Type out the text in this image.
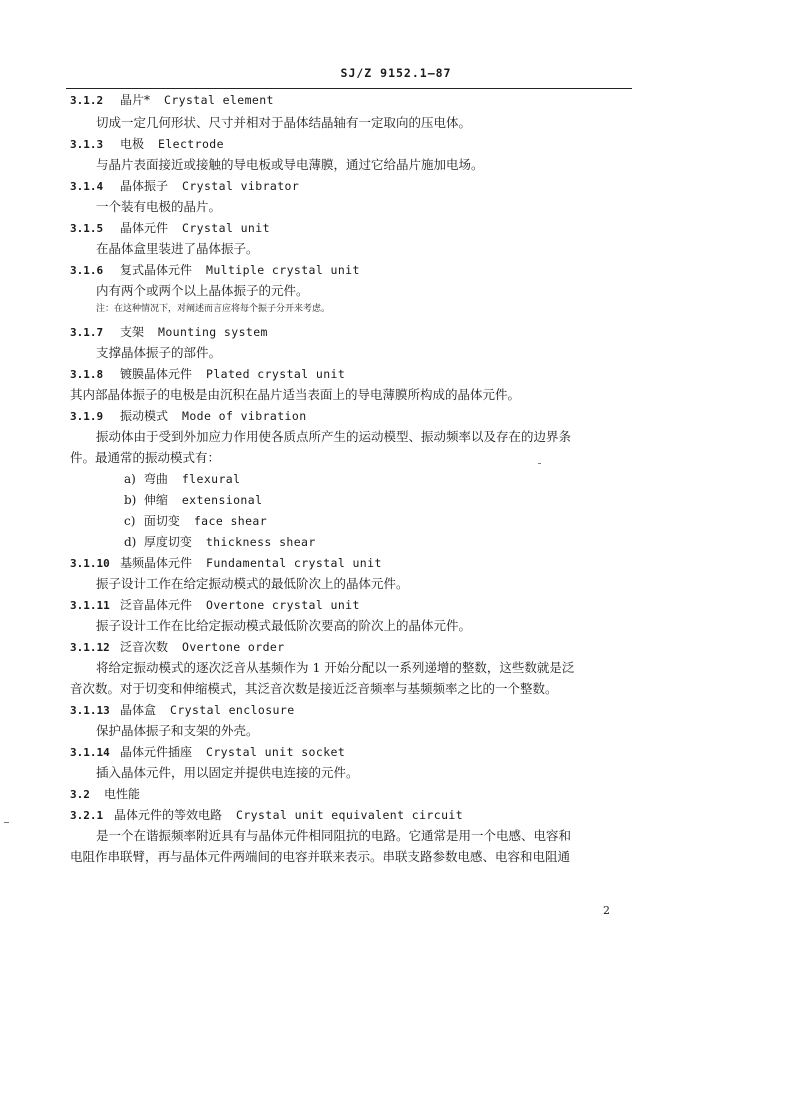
SJ/Z 9152.1—87
3.1.2 晶片* Crystal element
切成一定几何形状、尺寸并相对于晶体结晶轴有一定取向的压电体。
3.1.3 电极 Electrode
与晶片表面接近或接触的导电板或导电薄膜，通过它给晶片施加电场。
3.1.4 晶体振子 Crystal vibrator
一个装有电极的晶片。
3.1.5 晶体元件 Crystal unit
在晶体盒里装进了晶体振子。
3.1.6 复式晶体元件 Multiple crystal unit
内有两个或两个以上晶体振子的元件。
注：在这种情况下，对阐述而言应将每个振子分开来考虑。
3.1.7 支架 Mounting system
支撑晶体振子的部件。
3.1.8 镀膜晶体元件 Plated crystal unit
其内部晶体振子的电极是由沉积在晶片适当表面上的导电薄膜所构成的晶体元件。
3.1.9 振动模式 Mode of vibration
振动体由于受到外加应力作用使各质点所产生的运动模型、振动频率以及存在的边界条
件。最通常的振动模式有：
a) 弯曲 flexural
b) 伸缩 extensional
c) 面切变 face shear
d) 厚度切变 thickness shear
3.1.10 基频晶体元件 Fundamental crystal unit
振子设计工作在给定振动模式的最低阶次上的晶体元件。
3.1.11 泛音晶体元件 Overtone crystal unit
振子设计工作在比给定振动模式最低阶次要高的阶次上的晶体元件。
3.1.12 泛音次数 Overtone order
将给定振动模式的逐次泛音从基频作为 1 开始分配以一系列递增的整数，这些数就是泛
音次数。对于切变和伸缩模式，其泛音次数是接近泛音频率与基频频率之比的一个整数。
3.1.13 晶体盒 Crystal enclosure
保护晶体振子和支架的外壳。
3.1.14 晶体元件插座 Crystal unit socket
插入晶体元件，用以固定并提供电连接的元件。
3.2 电性能
3.2.1 晶体元件的等效电路 Crystal unit equivalent circuit
是一个在谐振频率附近具有与晶体元件相同阻抗的电路。它通常是用一个电感、电容和
电阻作串联臂，再与晶体元件两端间的电容并联来表示。串联支路参数电感、电容和电阻通
2
